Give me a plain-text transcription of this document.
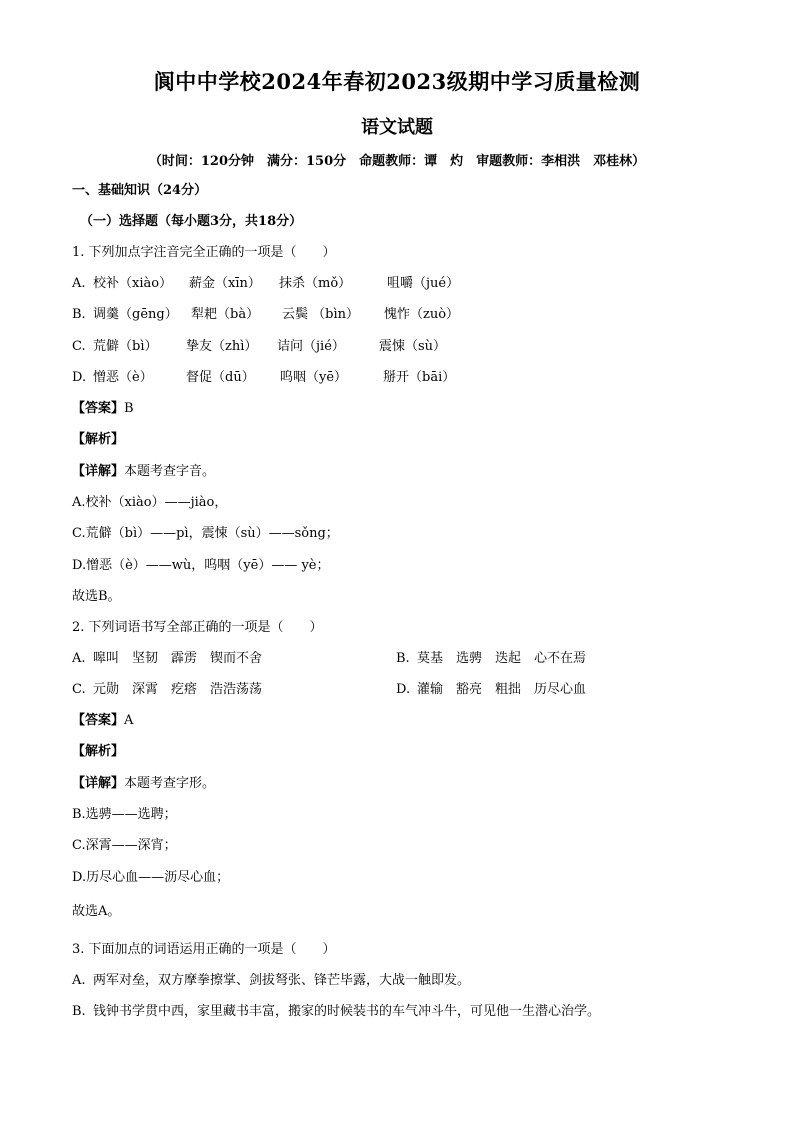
阆中中学校2024年春初2023级期中学习质量检测
语文试题
（时间：120分钟　满分：150分　命题教师：谭　灼　审题教师：李相洪　邓桂林）
一、基础知识（24分）
（一）选择题（每小题3分，共18分）
1. 下列加点字注音完全正确的一项是（　　）
A. 校补（xiào） 薪金（xīn） 抹杀（mǒ）	咀嚼（jué）
B. 调羹（gēng） 犁耙（bà） 云鬓 （bìn） 愧怍（zuò）
C. 荒僻（bì） 挚友（zhì） 诘问（jié）	震悚（sù）
D. 憎恶（è）	督促（dū） 呜咽（yē）	掰开（bāi）
【答案】B
【解析】
【详解】本题考查字音。
A.校补（xiào）——jiào，
C.荒僻（bì）——pì，震悚（sù）——sǒng；
D.憎恶（è）——wù，呜咽（yē）—— yè；
故选B。
2. 下列词语书写全部正确的一项是（　　）
A. 嗥叫　坚韧　霹雳　锲而不舍	B. 莫基　选骋　迭起　心不在焉
C. 元勋　深霄　疙瘩　浩浩荡荡	D. 灌输　豁亮　粗拙　历尽心血
【答案】A
【解析】
【详解】本题考查字形。
B.选骋——选聘；
C.深霄——深宵；
D.历尽心血——沥尽心血；
故选A。
3. 下面加点的词语运用正确的一项是（　　）
A. 两军对垒，双方摩拳擦掌、剑拔弩张、锋芒毕露，大战一触即发。
B. 钱钟书学贯中西，家里藏书丰富，搬家的时候装书的车气冲斗牛，可见他一生潜心治学。
